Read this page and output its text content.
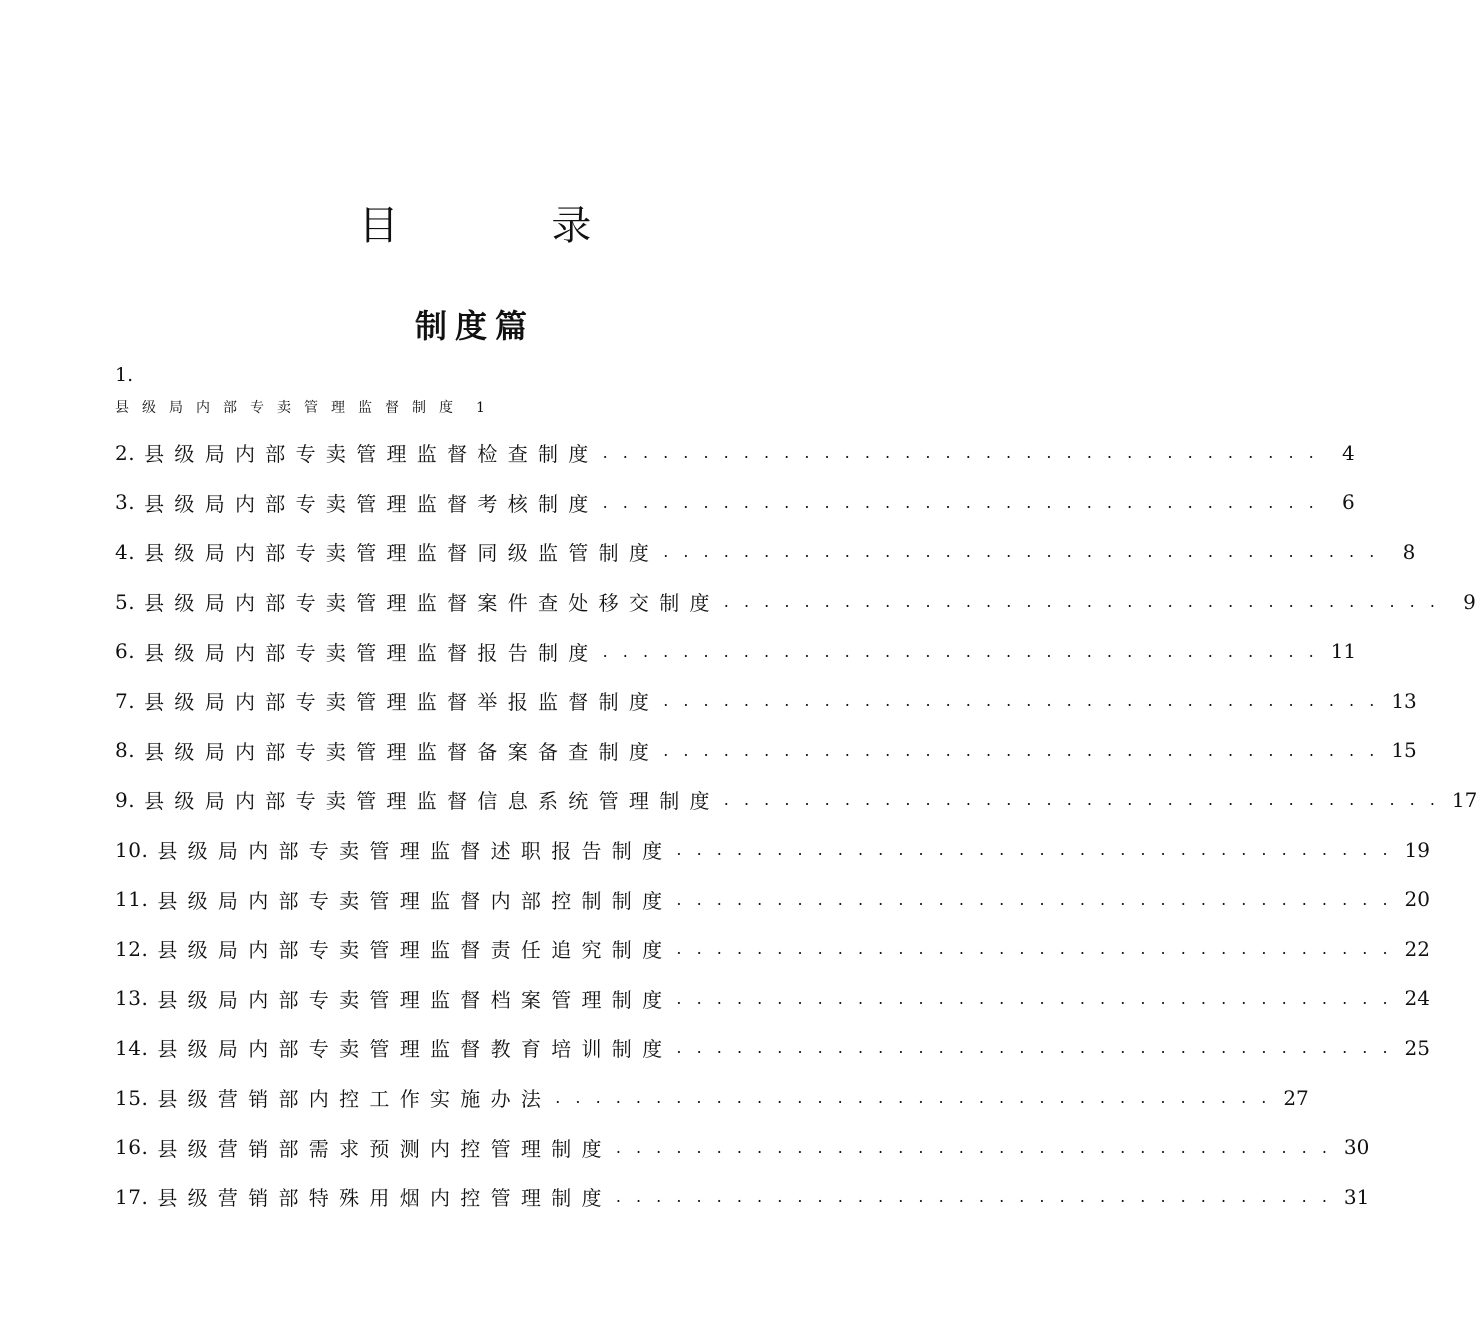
目 录
制度篇
1.
县级局内部专卖管理监督制度 1
2. 县级局内部专卖管理监督检查制度 . . . . . . . . . . . . . . . . . . . . . . . . . . . . . . . . . . . .	4
3. 县级局内部专卖管理监督考核制度 . . . . . . . . . . . . . . . . . . . . . . . . . . . . . . . . . . . .	6
4. 县级局内部专卖管理监督同级监管制度 . . . . . . . . . . . . . . . . . . . . . . . . . . . . . . . . . . . .	8
5. 县级局内部专卖管理监督案件查处移交制度 . . . . . . . . . . . . . . . . . . . . . . . . . . . . . . . . . . . .	9
6. 县级局内部专卖管理监督报告制度 . . . . . . . . . . . . . . . . . . . . . . . . . . . . . . . . . . . . 11
7. 县级局内部专卖管理监督举报监督制度 . . . . . . . . . . . . . . . . . . . . . . . . . . . . . . . . . . . . 13
8. 县级局内部专卖管理监督备案备查制度 . . . . . . . . . . . . . . . . . . . . . . . . . . . . . . . . . . . . 15
9. 县级局内部专卖管理监督信息系统管理制度 . . . . . . . . . . . . . . . . . . . . . . . . . . . . . . . . . . . . 17
10. 县级局内部专卖管理监督述职报告制度 . . . . . . . . . . . . . . . . . . . . . . . . . . . . . . . . . . . . 19
11. 县级局内部专卖管理监督内部控制制度 . . . . . . . . . . . . . . . . . . . . . . . . . . . . . . . . . . . . 20
12. 县级局内部专卖管理监督责任追究制度 . . . . . . . . . . . . . . . . . . . . . . . . . . . . . . . . . . . . 22
13. 县级局内部专卖管理监督档案管理制度 . . . . . . . . . . . . . . . . . . . . . . . . . . . . . . . . . . . . 24
14. 县级局内部专卖管理监督教育培训制度 . . . . . . . . . . . . . . . . . . . . . . . . . . . . . . . . . . . . 25
15. 县级营销部内控工作实施办法 . . . . . . . . . . . . . . . . . . . . . . . . . . . . . . . . . . . . 27
16. 县级营销部需求预测内控管理制度 . . . . . . . . . . . . . . . . . . . . . . . . . . . . . . . . . . . . 30
17. 县级营销部特殊用烟内控管理制度 . . . . . . . . . . . . . . . . . . . . . . . . . . . . . . . . . . . . 31
